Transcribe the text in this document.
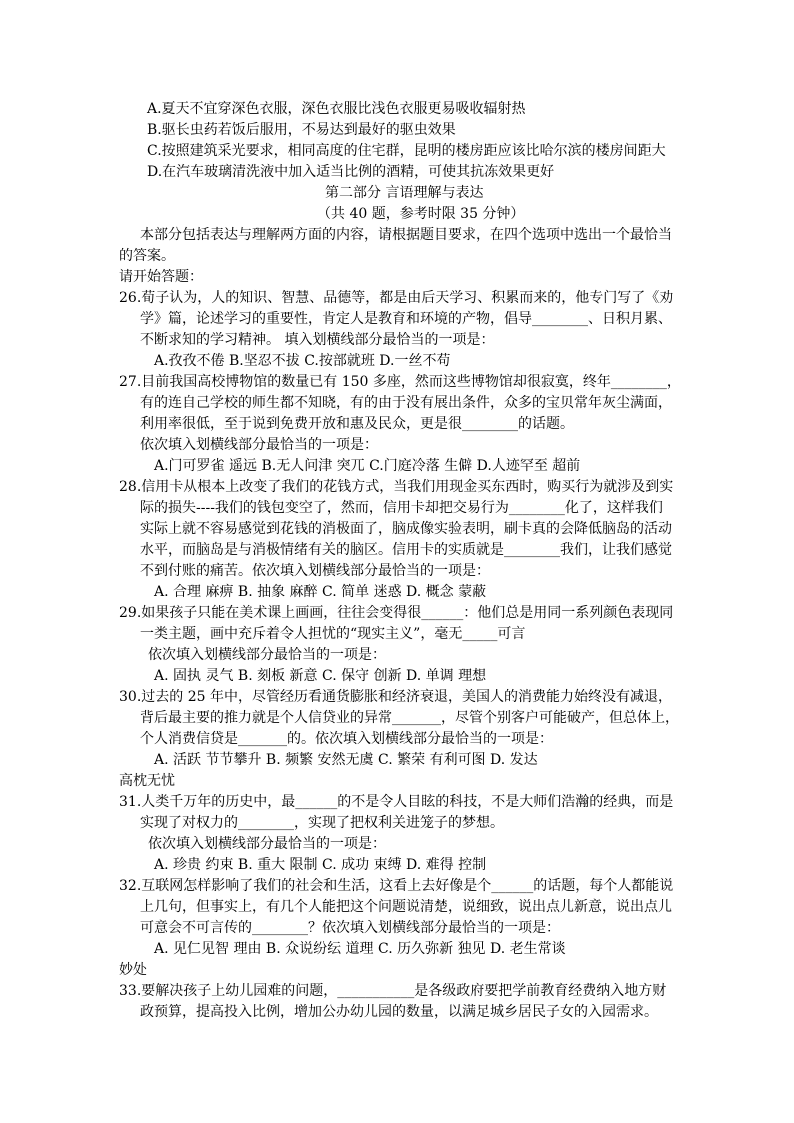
A.夏天不宜穿深色衣服，深色衣服比浅色衣服更易吸收辐射热
B.驱长虫药若饭后服用，不易达到最好的驱虫效果
C.按照建筑采光要求，相同高度的住宅群，昆明的楼房距应该比哈尔滨的楼房间距大
D.在汽车玻璃清洗液中加入适当比例的酒精，可使其抗冻效果更好
第二部分 言语理解与表达
（共 40 题，参考时限 35 分钟）
本部分包括表达与理解两方面的内容，请根据题目要求，在四个选项中选出一个最恰当
的答案。
请开始答题：
26.荀子认为，人的知识、智慧、品德等，都是由后天学习、积累而来的，他专门写了《劝
学》篇，论述学习的重要性，肯定人是教育和环境的产物，倡导________、日积月累、
不断求知的学习精神。 填入划横线部分最恰当的一项是：
A.孜孜不倦 B.坚忍不拔 C.按部就班 D.一丝不苟
27.目前我国高校博物馆的数量已有 150 多座，然而这些博物馆却很寂寞，终年________，
有的连自己学校的师生都不知晓，有的由于没有展出条件，众多的宝贝常年灰尘满面，
利用率很低，至于说到免费开放和惠及民众，更是很________的话题。
依次填入划横线部分最恰当的一项是：
A.门可罗雀 遥远 B.无人问津 突兀 C.门庭冷落 生僻 D.人迹罕至 超前
28.信用卡从根本上改变了我们的花钱方式，当我们用现金买东西时，购买行为就涉及到实
际的损失----我们的钱包变空了，然而，信用卡却把交易行为________化了，这样我们
实际上就不容易感觉到花钱的消极面了，脑成像实验表明，刷卡真的会降低脑岛的活动
水平，而脑岛是与消极情绪有关的脑区。信用卡的实质就是________我们，让我们感觉
不到付账的痛苦。依次填入划横线部分最恰当的一项是：
A. 合理 麻痹 B. 抽象 麻醉 C. 简单 迷惑 D. 概念 蒙蔽
29.如果孩子只能在美术课上画画，往往会变得很______：他们总是用同一系列颜色表现同
一类主题，画中充斥着令人担忧的“现实主义”，毫无_____可言
依次填入划横线部分最恰当的一项是：
A. 固执 灵气 B. 刻板 新意 C. 保守 创新 D. 单调 理想
30.过去的 25 年中，尽管经历看通货膨胀和经济衰退，美国人的消费能力始终没有减退，
背后最主要的推力就是个人信贷业的异常_______，尽管个别客户可能破产，但总体上，
个人消费信贷是_______的。依次填入划横线部分最恰当的一项是：
A. 活跃 节节攀升 B. 频繁 安然无虞 C. 繁荣 有利可图 D. 发达
高枕无忧
31.人类千万年的历史中，最______的不是令人目眩的科技，不是大师们浩瀚的经典，而是
实现了对权力的________，实现了把权利关进笼子的梦想。
依次填入划横线部分最恰当的一项是：
A. 珍贵 约束 B. 重大 限制 C. 成功 束缚 D. 难得 控制
32.互联网怎样影响了我们的社会和生活，这看上去好像是个______的话题，每个人都能说
上几句，但事实上，有几个人能把这个问题说清楚，说细致，说出点儿新意，说出点儿
可意会不可言传的________？依次填入划横线部分最恰当的一项是：
A. 见仁见智 理由 B. 众说纷纭 道理 C. 历久弥新 独见 D. 老生常谈
妙处
33.要解决孩子上幼儿园难的问题，___________是各级政府要把学前教育经费纳入地方财
政预算，提高投入比例，增加公办幼儿园的数量，以满足城乡居民子女的入园需求。
